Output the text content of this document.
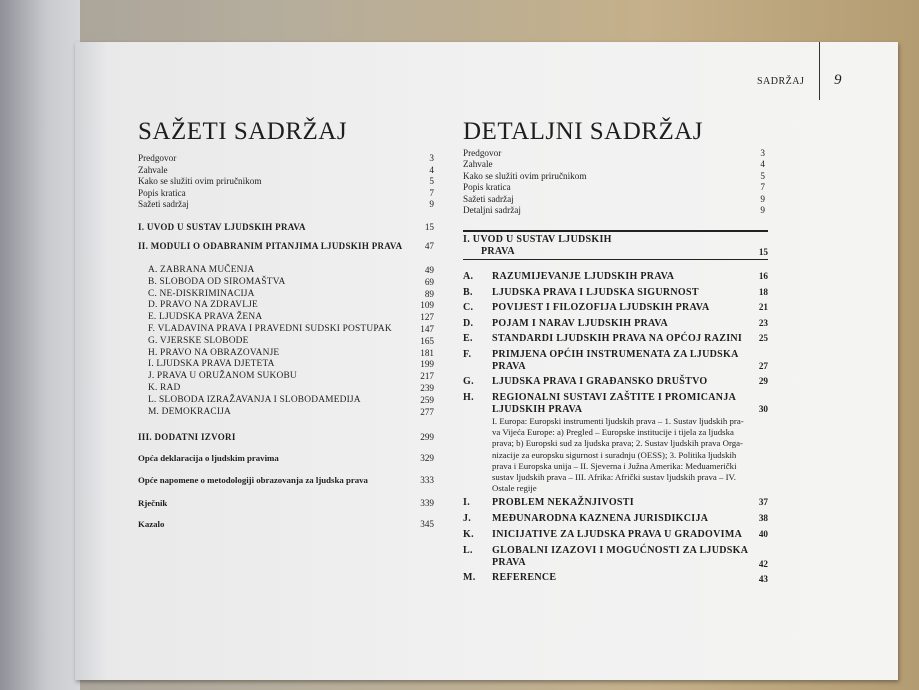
SADRŽAJ 9
SAŽETI SADRŽAJ
Predgovor	3
Zahvale	4
Kako se služiti ovim priručnikom	5
Popis kratica	7
Sažeti sadržaj	9
I. UVOD U SUSTAV LJUDSKIH PRAVA	15
II. MODULI O ODABRANIM PITANJIMA LJUDSKIH PRAVA	47
A. ZABRANA MUČENJA	49
B. SLOBODA OD SIROMAŠTVA	69
C. NE-DISKRIMINACIJA	89
D. PRAVO NA ZDRAVLJE	109
E. LJUDSKA PRAVA ŽENA	127
F. VLADAVINA PRAVA I PRAVEDNI SUDSKI POSTUPAK	147
G. VJERSKE SLOBODE	165
H. PRAVO NA OBRAZOVANJE	181
I. LJUDSKA PRAVA DJETETA	199
J. PRAVA U ORUŽANOM SUKOBU	217
K. RAD	239
L. SLOBODA IZRAŽAVANJA I SLOBODAMEDIJA	259
M. DEMOKRACIJA	277
III. DODATNI IZVORI	299
Opća deklaracija o ljudskim pravima	329
Opće napomene o metodologiji obrazovanja za ljudska prava	333
Rječnik	339
Kazalo	345
DETALJNI SADRŽAJ
Predgovor	3
Zahvale	4
Kako se služiti ovim priručnikom	5
Popis kratica	7
Sažeti sadržaj	9
Detaljni sadržaj	9
I. UVOD U SUSTAV LJUDSKIH
PRAVA	15
A. RAZUMIJEVANJE LJUDSKIH PRAVA	16
B. LJUDSKA PRAVA I LJUDSKA SIGURNOST	18
C. POVIJEST I FILOZOFIJA LJUDSKIH PRAVA	21
D. POJAM I NARAV LJUDSKIH PRAVA	23
E. STANDARDI LJUDSKIH PRAVA NA OPĆOJ RAZINI	25
F. PRIMJENA OPĆIH INSTRUMENATA ZA LJUDSKA
PRAVA	27
G. LJUDSKA PRAVA I GRAĐANSKO DRUŠTVO	29
H. REGIONALNI SUSTAVI ZAŠTITE I PROMICANJA
LJUDSKIH PRAVA	30
I. Europa: Europski instrumenti ljudskih prava – 1. Sustav ljudskih pra-
va Vijeća Europe: a) Pregled – Europske institucije i tijela za ljudska
prava; b) Europski sud za ljudska prava; 2. Sustav ljudskih prava Orga-
nizacije za europsku sigurnost i suradnju (OESS); 3. Politika ljudskih
prava i Europska unija – II. Sjeverna i Južna Amerika: Međuamerički
sustav ljudskih prava – III. Afrika: Afrički sustav ljudskih prava – IV.
Ostale regije
I. PROBLEM NEKAŽNJIVOSTI	37
J. MEĐUNARODNA KAZNENA JURISDIKCIJA	38
K. INICIJATIVE ZA LJUDSKA PRAVA U GRADOVIMA	40
L. GLOBALNI IZAZOVI I MOGUĆNOSTI ZA LJUDSKA
PRAVA	42
M. REFERENCE	43
